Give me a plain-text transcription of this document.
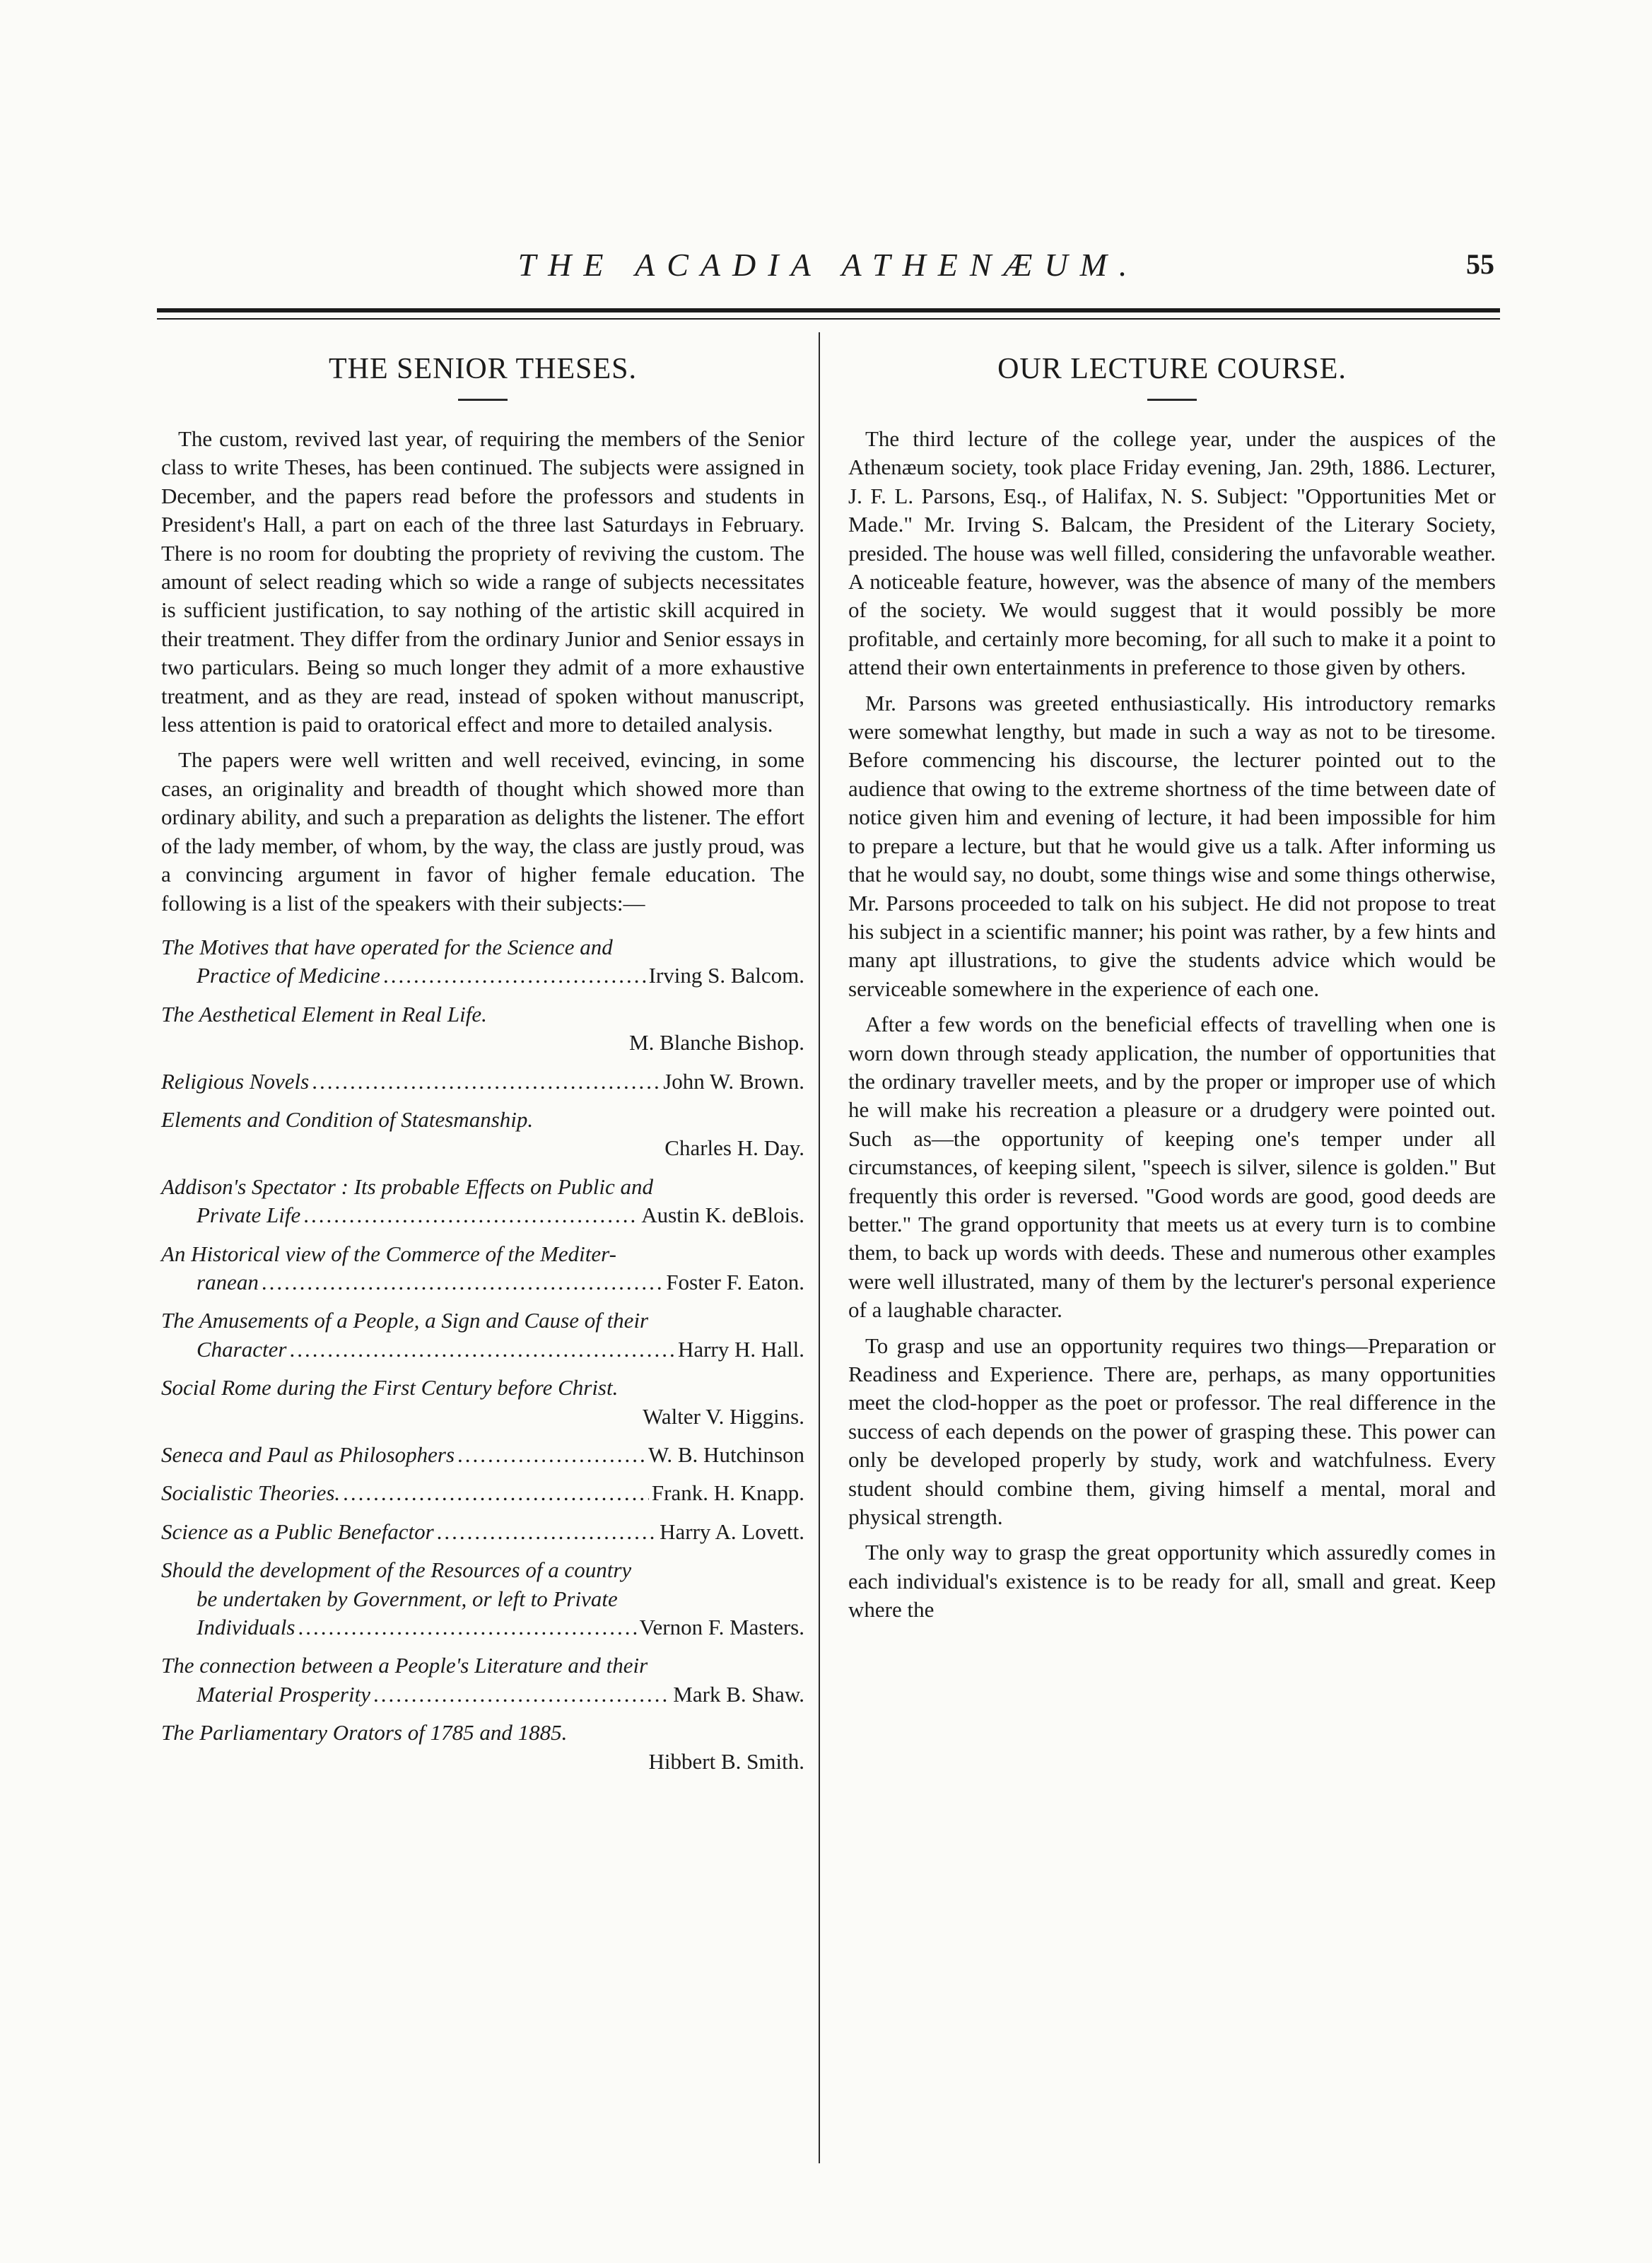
THE ACADIA ATHENÆUM.	55
THE SENIOR THESES.

The custom, revived last year, of requiring the members of the Senior class to write Theses, has been continued. The subjects were assigned in December, and the papers read before the professors and students in President's Hall, a part on each of the three last Saturdays in February. There is no room for doubting the propriety of reviving the custom. The amount of select reading which so wide a range of subjects necessitates is sufficient justification, to say nothing of the artistic skill acquired in their treatment. They differ from the ordinary Junior and Senior essays in two particulars. Being so much longer they admit of a more exhaustive treatment, and as they are read, instead of spoken without manuscript, less attention is paid to oratorical effect and more to detailed analysis.

The papers were well written and well received, evincing, in some cases, an originality and breadth of thought which showed more than ordinary ability, and such a preparation as delights the listener. The effort of the lady member, of whom, by the way, the class are justly proud, was a convincing argument in favor of higher female education. The following is a list of the speakers with their subjects:—

The Motives that have operated for the Science and
Practice of Medicine .....	Irving S. Balcom.
The Aesthetical Element in Real Life.
M. Blanche Bishop.
Religious Novels .....	John W. Brown.
Elements and Condition of Statesmanship.
Charles H. Day.
Addison's Spectator : Its probable Effects on Public and
Private Life .....	Austin K. deBlois.
An Historical view of the Commerce of the Mediter-
ranean .....	Foster F. Eaton.
The Amusements of a People, a Sign and Cause of their
Character .....	Harry H. Hall.
Social Rome during the First Century before Christ.
Walter V. Higgins.
Seneca and Paul as Philosophers .....	W. B. Hutchinson
Socialistic Theories. .....	Frank. H. Knapp.
Science as a Public Benefactor .....	Harry A. Lovett.
Should the development of the Resources of a country
be undertaken by Government, or left to Private
Individuals .....	Vernon F. Masters.
The connection between a People's Literature and their
Material Prosperity .....	Mark B. Shaw.
The Parliamentary Orators of 1785 and 1885.
Hibbert B. Smith.
OUR LECTURE COURSE.

The third lecture of the college year, under the auspices of the Athenæum society, took place Friday evening, Jan. 29th, 1886. Lecturer, J. F. L. Parsons, Esq., of Halifax, N. S. Subject: "Opportunities Met or Made." Mr. Irving S. Balcam, the President of the Literary Society, presided. The house was well filled, considering the unfavorable weather. A noticeable feature, however, was the absence of many of the members of the society. We would suggest that it would possibly be more profitable, and certainly more becoming, for all such to make it a point to attend their own entertainments in preference to those given by others.

Mr. Parsons was greeted enthusiastically. His introductory remarks were somewhat lengthy, but made in such a way as not to be tiresome. Before commencing his discourse, the lecturer pointed out to the audience that owing to the extreme shortness of the time between date of notice given him and evening of lecture, it had been impossible for him to prepare a lecture, but that he would give us a talk. After informing us that he would say, no doubt, some things wise and some things otherwise, Mr. Parsons proceeded to talk on his subject. He did not propose to treat his subject in a scientific manner; his point was rather, by a few hints and many apt illustrations, to give the students advice which would be serviceable somewhere in the experience of each one.

After a few words on the beneficial effects of travelling when one is worn down through steady application, the number of opportunities that the ordinary traveller meets, and by the proper or improper use of which he will make his recreation a pleasure or a drudgery were pointed out. Such as—the opportunity of keeping one's temper under all circumstances, of keeping silent, "speech is silver, silence is golden." But frequently this order is reversed. "Good words are good, good deeds are better." The grand opportunity that meets us at every turn is to combine them, to back up words with deeds. These and numerous other examples were well illustrated, many of them by the lecturer's personal experience of a laughable character.

To grasp and use an opportunity requires two things—Preparation or Readiness and Experience. There are, perhaps, as many opportunities meet the clod-hopper as the poet or professor. The real difference in the success of each depends on the power of grasping these. This power can only be developed properly by study, work and watchfulness. Every student should combine them, giving himself a mental, moral and physical strength.

The only way to grasp the great opportunity which assuredly comes in each individual's existence is to be ready for all, small and great. Keep where the
